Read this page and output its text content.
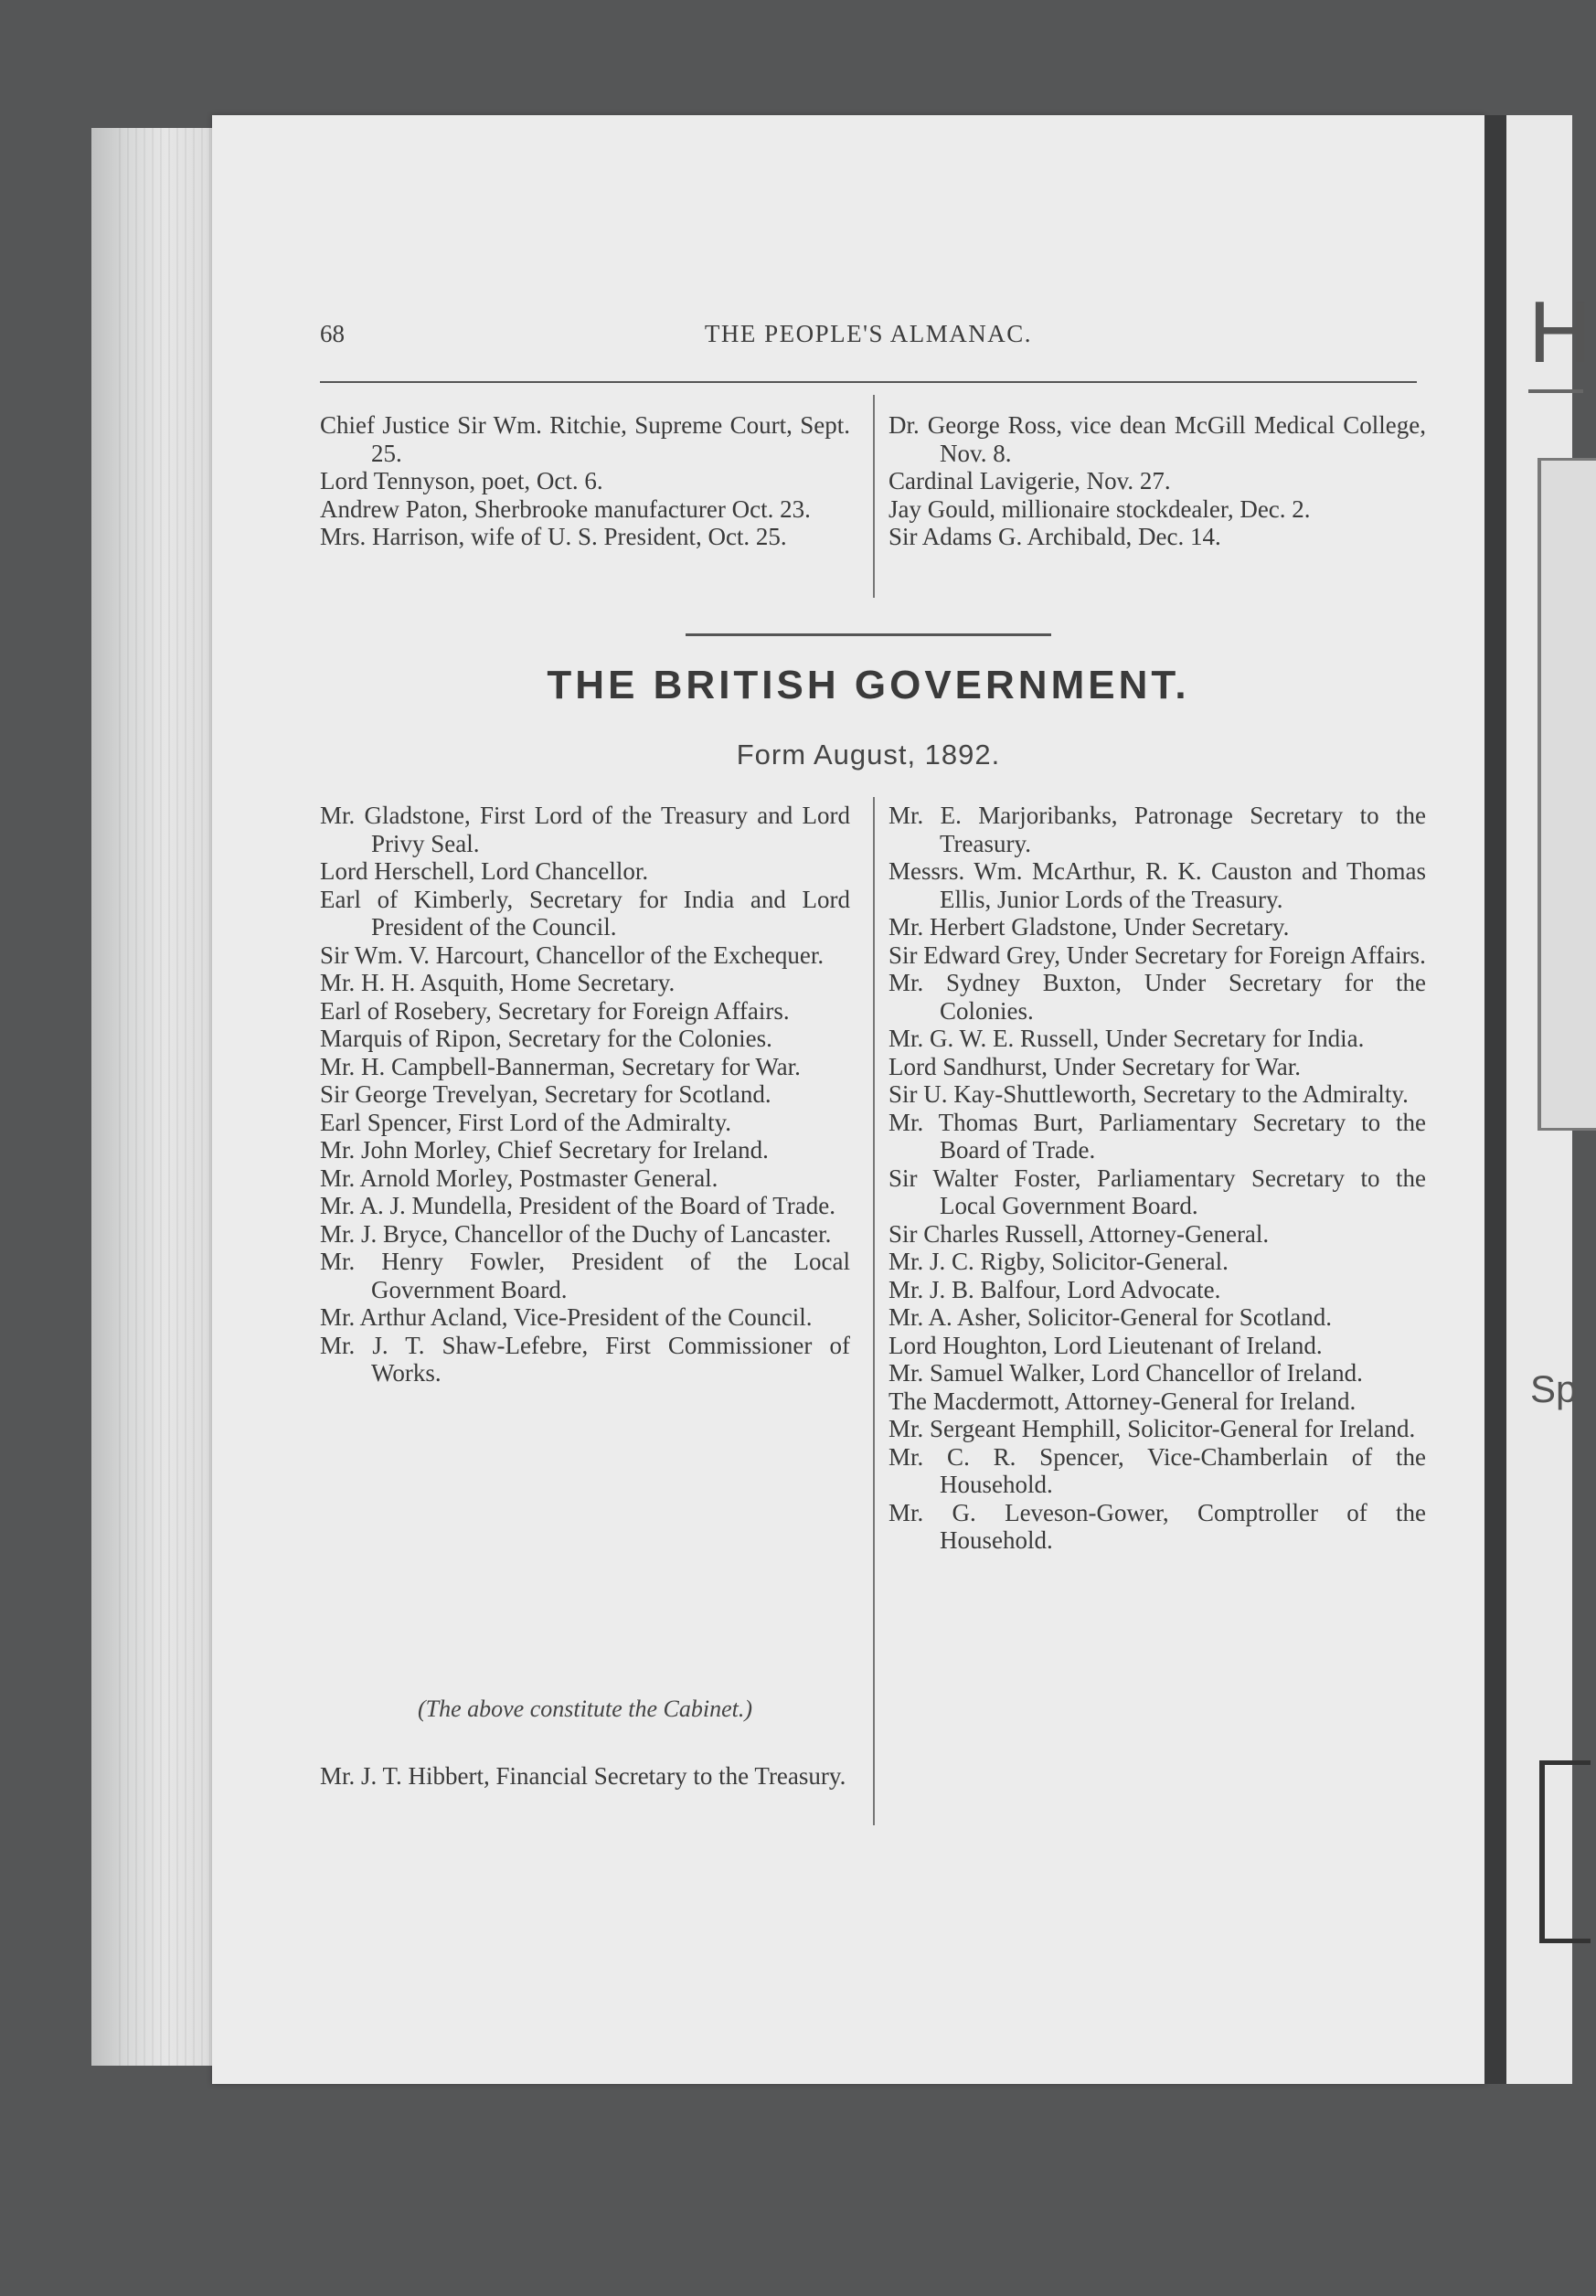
H
Sp
68	THE PEOPLE'S ALMANAC.

Chief Justice Sir Wm. Ritchie, Supreme Court, Sept. 25.

Lord Tennyson, poet, Oct. 6.

Andrew Paton, Sherbrooke manufacturer Oct. 23.

Mrs. Harrison, wife of U. S. President, Oct. 25.

Dr. George Ross, vice dean McGill Medical College, Nov. 8.

Cardinal Lavigerie, Nov. 27.

Jay Gould, millionaire stockdealer, Dec. 2.

Sir Adams G. Archibald, Dec. 14.

THE BRITISH GOVERNMENT.
Form August, 1892.

Mr. Gladstone, First Lord of the Treasury and Lord Privy Seal.

Lord Herschell, Lord Chancellor.

Earl of Kimberly, Secretary for India and Lord President of the Council.

Sir Wm. V. Harcourt, Chancellor of the Exchequer.

Mr. H. H. Asquith, Home Secretary.

Earl of Rosebery, Secretary for Foreign Affairs.

Marquis of Ripon, Secretary for the Colonies.

Mr. H. Campbell-Bannerman, Secretary for War.

Sir George Trevelyan, Secretary for Scotland.

Earl Spencer, First Lord of the Admiralty.

Mr. John Morley, Chief Secretary for Ireland.

Mr. Arnold Morley, Postmaster General.

Mr. A. J. Mundella, President of the Board of Trade.

Mr. J. Bryce, Chancellor of the Duchy of Lancaster.

Mr. Henry Fowler, President of the Local Government Board.

Mr. Arthur Acland, Vice-President of the Council.

Mr. J. T. Shaw-Lefebre, First Commissioner of Works.

(The above constitute the Cabinet.)

Mr. J. T. Hibbert, Financial Secretary to the Treasury.

Mr. E. Marjoribanks, Patronage Secretary to the Treasury.

Messrs. Wm. McArthur, R. K. Causton and Thomas Ellis, Junior Lords of the Treasury.

Mr. Herbert Gladstone, Under Secretary.

Sir Edward Grey, Under Secretary for Foreign Affairs.

Mr. Sydney Buxton, Under Secretary for the Colonies.

Mr. G. W. E. Russell, Under Secretary for India.

Lord Sandhurst, Under Secretary for War.

Sir U. Kay-Shuttleworth, Secretary to the Admiralty.

Mr. Thomas Burt, Parliamentary Secretary to the Board of Trade.

Sir Walter Foster, Parliamentary Secretary to the Local Government Board.

Sir Charles Russell, Attorney-General.

Mr. J. C. Rigby, Solicitor-General.

Mr. J. B. Balfour, Lord Advocate.

Mr. A. Asher, Solicitor-General for Scotland.

Lord Houghton, Lord Lieutenant of Ireland.

Mr. Samuel Walker, Lord Chancellor of Ireland.

The Macdermott, Attorney-General for Ireland.

Mr. Sergeant Hemphill, Solicitor-General for Ireland.

Mr. C. R. Spencer, Vice-Chamberlain of the Household.

Mr. G. Leveson-Gower, Comptroller of the Household.
